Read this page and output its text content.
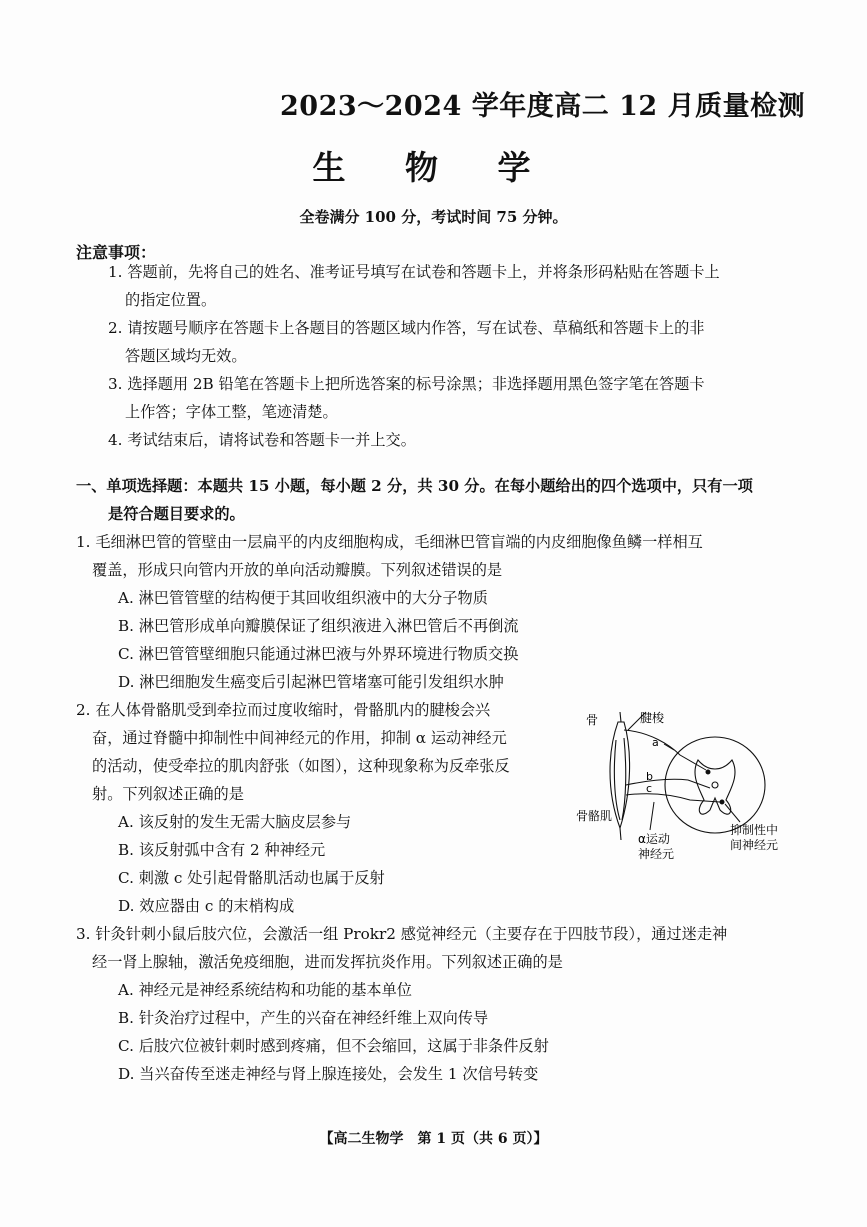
2023～2024 学年度高二 12 月质量检测
生 物 学
全卷满分 100 分，考试时间 75 分钟。
注意事项：
1. 答题前，先将自己的姓名、准考证号填写在试卷和答题卡上，并将条形码粘贴在答题卡上
的指定位置。
2. 请按题号顺序在答题卡上各题目的答题区域内作答，写在试卷、草稿纸和答题卡上的非
答题区域均无效。
3. 选择题用 2B 铅笔在答题卡上把所选答案的标号涂黑；非选择题用黑色签字笔在答题卡
上作答；字体工整，笔迹清楚。
4. 考试结束后，请将试卷和答题卡一并上交。
一、单项选择题：本题共 15 小题，每小题 2 分，共 30 分。在每小题给出的四个选项中，只有一项
是符合题目要求的。
1. 毛细淋巴管的管壁由一层扁平的内皮细胞构成，毛细淋巴管盲端的内皮细胞像鱼鳞一样相互
覆盖，形成只向管内开放的单向活动瓣膜。下列叙述错误的是
A. 淋巴管管壁的结构便于其回收组织液中的大分子物质
B. 淋巴管形成单向瓣膜保证了组织液进入淋巴管后不再倒流
C. 淋巴管管壁细胞只能通过淋巴液与外界环境进行物质交换
D. 淋巴细胞发生癌变后引起淋巴管堵塞可能引发组织水肿
2. 在人体骨骼肌受到牵拉而过度收缩时，骨骼肌内的腱梭会兴
奋，通过脊髓中抑制性中间神经元的作用，抑制 α 运动神经元
的活动，使受牵拉的肌肉舒张（如图），这种现象称为反牵张反
射。下列叙述正确的是
A. 该反射的发生无需大脑皮层参与
B. 该反射弧中含有 2 种神经元
C. 刺激 c 处引起骨骼肌活动也属于反射
D. 效应器由 c 的末梢构成
骨	腱梭
a
b
c
骨骼肌
α运动
神经元
抑制性中
间神经元
3. 针灸针刺小鼠后肢穴位，会激活一组 Prokr2 感觉神经元（主要存在于四肢节段），通过迷走神
经一肾上腺轴，激活免疫细胞，进而发挥抗炎作用。下列叙述正确的是
A. 神经元是神经系统结构和功能的基本单位
B. 针灸治疗过程中，产生的兴奋在神经纤维上双向传导
C. 后肢穴位被针刺时感到疼痛，但不会缩回，这属于非条件反射
D. 当兴奋传至迷走神经与肾上腺连接处，会发生 1 次信号转变
【高二生物学　第 1 页（共 6 页）】
